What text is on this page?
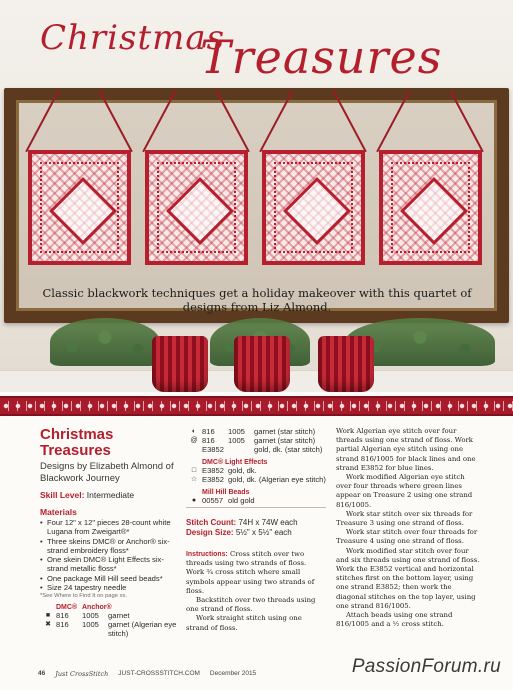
Classic blackwork techniques get a holiday makeover with this quartet of designs from Liz Almond.
Christmas
Treasures
Christmas
Treasures
Designs by Elizabeth Almond of Blackwork Journey
Skill Level: Intermediate
Materials
• Four 12" x 12" pieces 28-count white Lugana from Zweigart®*
• Three skeins DMC® or Anchor® six-strand embroidery floss*
• One skein DMC® Light Effects six-strand metallic floss*
• One package Mill Hill seed beads*
• Size 24 tapestry needle
*See Where to Find It on page xx.
DMC® Anchor®
■ 816	1005	garnet
✖ 816	1005	garnet (Algerian eye stitch)
◐ 816	1005	garnet (star stitch)
@ 816	1005	garnet (star stitch)
E3852	gold, dk. (star stitch)
DMC® Light Effects
□ E3852 gold, dk.
☆ E3852 gold, dk. (Algerian eye stitch)
Mill Hill Beads
● 00557 old gold
Stitch Count: 74H x 74W each
Design Size: 5½" x 5½" each

Instructions: Cross stitch over two threads using two strands of floss. Work ¾ cross stitch where small symbols appear using two strands of floss.

Backstitch over two threads using one strand of floss.

Work straight stitch using one strand of floss.

Work Algerian eye stitch over four threads using one strand of floss. Work partial Algerian eye stitch using one strand 816/1005 for black lines and one strand E3852 for blue lines.

Work modified Algerian eye stitch over four threads where green lines appear on Treasure 2 using one strand 816/1005.

Work star stitch over six threads for Treasure 3 using one strand of floss.

Work star stitch over four threads for Treasure 4 using one strand of floss.

Work modified star stitch over four and six threads using one strand of floss. Work the E3852 vertical and horizontal stitches first on the bottom layer, using one strand E3852; then work the diagonal stitches on the top layer, using one strand 816/1005.

Attach beads using one strand 816/1005 and a ½ cross stitch.

46 Just CrossStitch JUST-CROSSSTITCH.COM December 2015	PassionForum.ru
